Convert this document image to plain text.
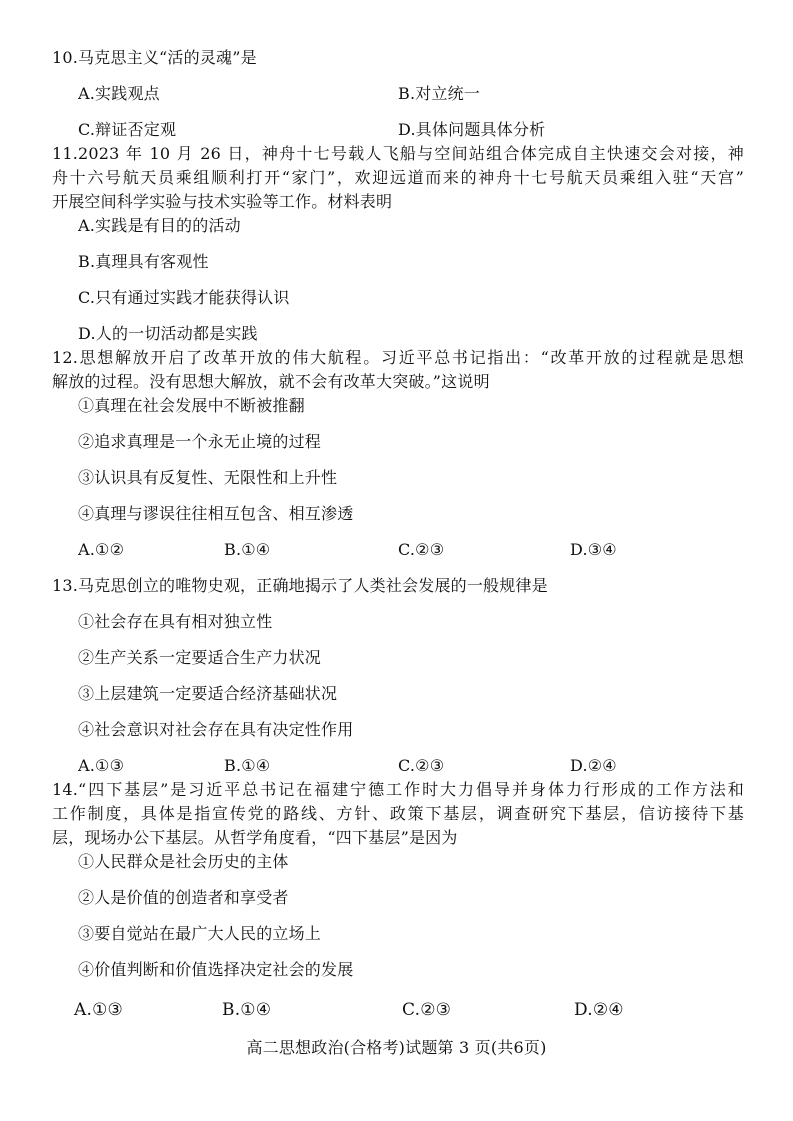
10.马克思主义“活的灵魂”是
A.实践观点	B.对立统一
C.辩证否定观	D.具体问题具体分析
11.2023 年 10 月 26 日，神舟十七号载人飞船与空间站组合体完成自主快速交会对接，神
舟十六号航天员乘组顺利打开“家门”，欢迎远道而来的神舟十七号航天员乘组入驻“天宫”
开展空间科学实验与技术实验等工作。材料表明
A.实践是有目的的活动
B.真理具有客观性
C.只有通过实践才能获得认识
D.人的一切活动都是实践
12.思想解放开启了改革开放的伟大航程。习近平总书记指出：“改革开放的过程就是思想
解放的过程。没有思想大解放，就不会有改革大突破。”这说明
①真理在社会发展中不断被推翻
②追求真理是一个永无止境的过程
③认识具有反复性、无限性和上升性
④真理与谬误往往相互包含、相互渗透
A.①②	B.①④	C.②③	D.③④
13.马克思创立的唯物史观，正确地揭示了人类社会发展的一般规律是
①社会存在具有相对独立性
②生产关系一定要适合生产力状况
③上层建筑一定要适合经济基础状况
④社会意识对社会存在具有决定性作用
A.①③	B.①④	C.②③	D.②④
14.“四下基层”是习近平总书记在福建宁德工作时大力倡导并身体力行形成的工作方法和
工作制度，具体是指宣传党的路线、方针、政策下基层，调查研究下基层，信访接待下基
层，现场办公下基层。从哲学角度看，“四下基层”是因为
①人民群众是社会历史的主体
②人是价值的创造者和享受者
③要自觉站在最广大人民的立场上
④价值判断和价值选择决定社会的发展
A.①③	B.①④	C.②③	D.②④
高二思想政治(合格考)试题第 3 页(共6页)
